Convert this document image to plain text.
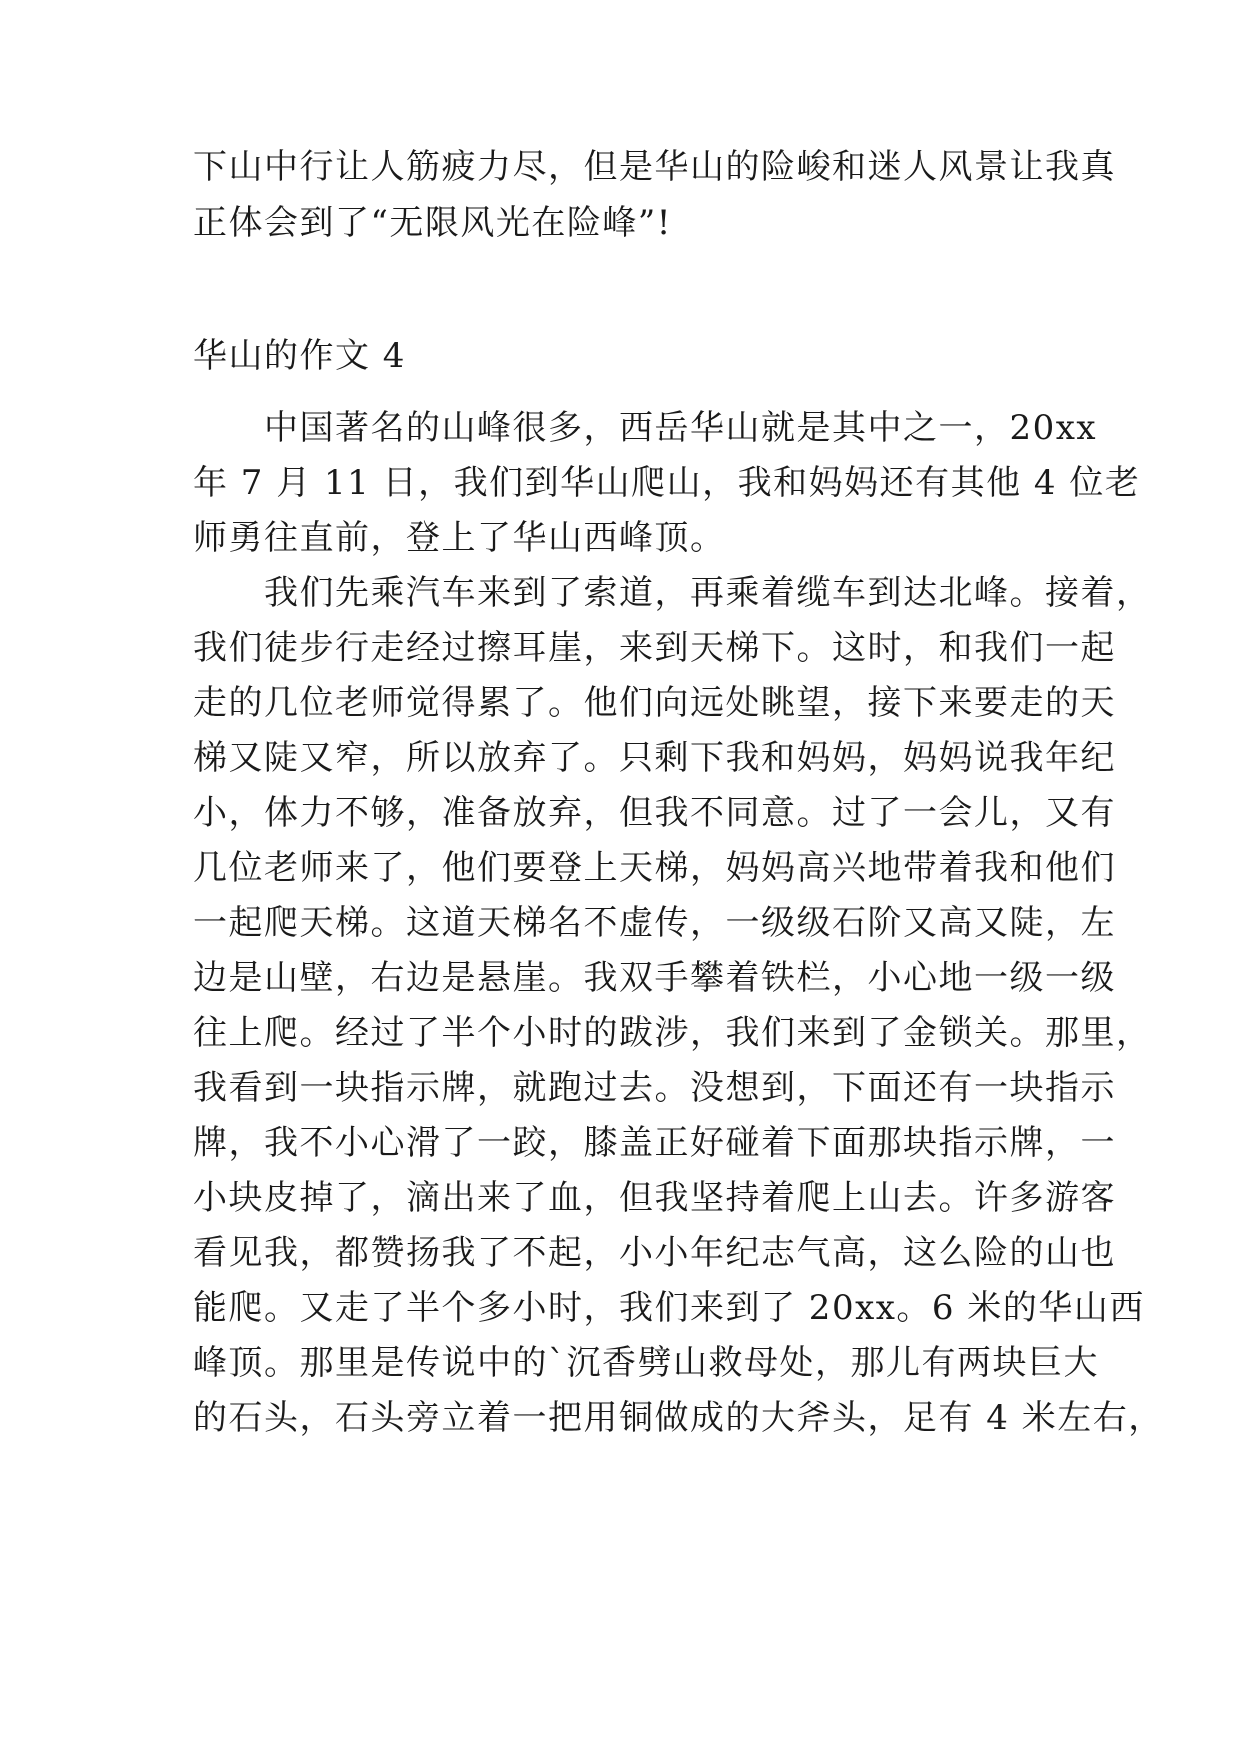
下山中行让人筋疲力尽，但是华山的险峻和迷人风景让我真
正体会到了“无限风光在险峰”!
华山的作文 4
　　中国著名的山峰很多，西岳华山就是其中之一，20xx
年 7 月 11 日，我们到华山爬山，我和妈妈还有其他 4 位老
师勇往直前，登上了华山西峰顶。
　　我们先乘汽车来到了索道，再乘着缆车到达北峰。接着，
我们徒步行走经过擦耳崖，来到天梯下。这时，和我们一起
走的几位老师觉得累了。他们向远处眺望，接下来要走的天
梯又陡又窄，所以放弃了。只剩下我和妈妈，妈妈说我年纪
小，体力不够，准备放弃，但我不同意。过了一会儿，又有
几位老师来了，他们要登上天梯，妈妈高兴地带着我和他们
一起爬天梯。这道天梯名不虚传，一级级石阶又高又陡，左
边是山壁，右边是悬崖。我双手攀着铁栏，小心地一级一级
往上爬。经过了半个小时的跋涉，我们来到了金锁关。那里，
我看到一块指示牌，就跑过去。没想到，下面还有一块指示
牌，我不小心滑了一跤，膝盖正好碰着下面那块指示牌，一
小块皮掉了，滴出来了血，但我坚持着爬上山去。许多游客
看见我，都赞扬我了不起，小小年纪志气高，这么险的山也
能爬。又走了半个多小时，我们来到了 20xx。6 米的华山西
峰顶。那里是传说中的`沉香劈山救母处，那儿有两块巨大
的石头，石头旁立着一把用铜做成的大斧头，足有 4 米左右，
